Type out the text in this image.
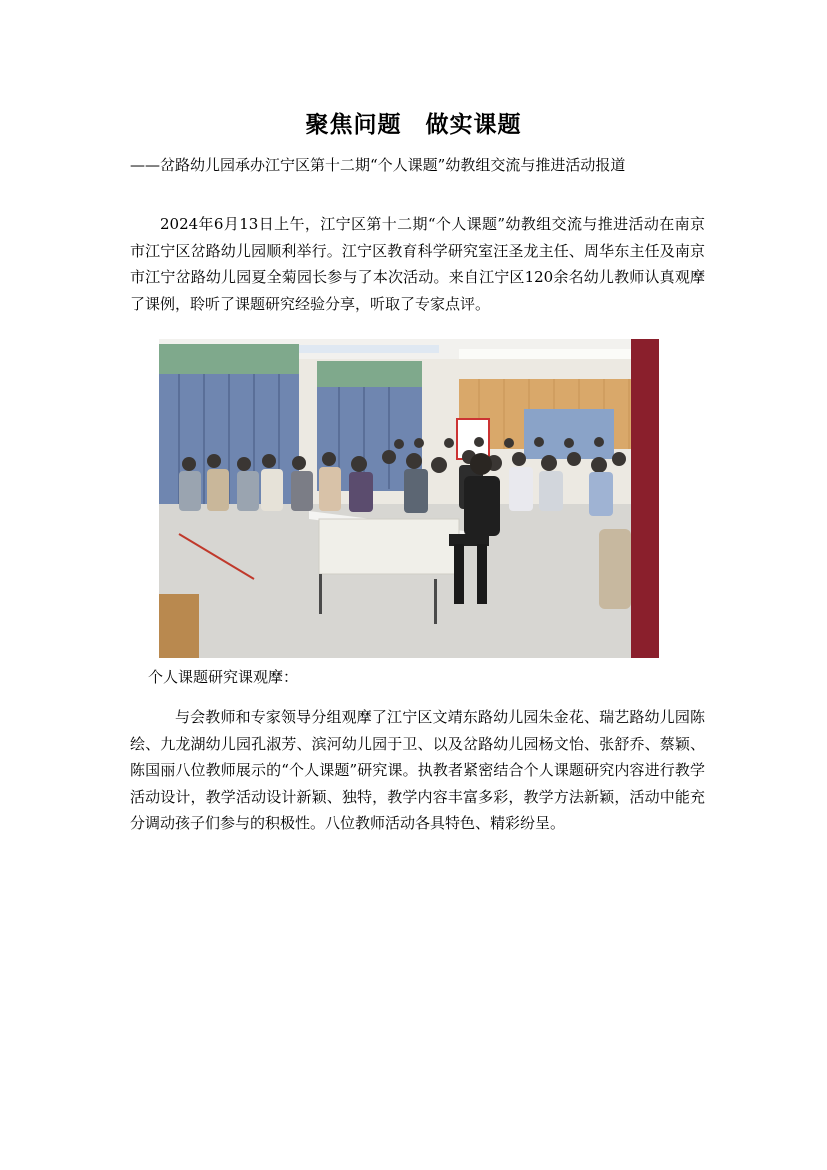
聚焦问题　做实课题
——岔路幼儿园承办江宁区第十二期“个人课题”幼教组交流与推进活动报道

2024年6月13日上午，江宁区第十二期“个人课题”幼教组交流与推进活动在南京市江宁区岔路幼儿园顺利举行。江宁区教育科学研究室汪圣龙主任、周华东主任及南京市江宁岔路幼儿园夏全菊园长参与了本次活动。来自江宁区120余名幼儿教师认真观摩了课例，聆听了课题研究经验分享，听取了专家点评。

个人课题研究课观摩：

与会教师和专家领导分组观摩了江宁区文靖东路幼儿园朱金花、瑞艺路幼儿园陈绘、九龙湖幼儿园孔淑芳、滨河幼儿园于卫、以及岔路幼儿园杨文怡、张舒乔、蔡颖、陈国丽八位教师展示的“个人课题”研究课。执教者紧密结合个人课题研究内容进行教学活动设计，教学活动设计新颖、独特，教学内容丰富多彩，教学方法新颖，活动中能充分调动孩子们参与的积极性。八位教师活动各具特色、精彩纷呈。
